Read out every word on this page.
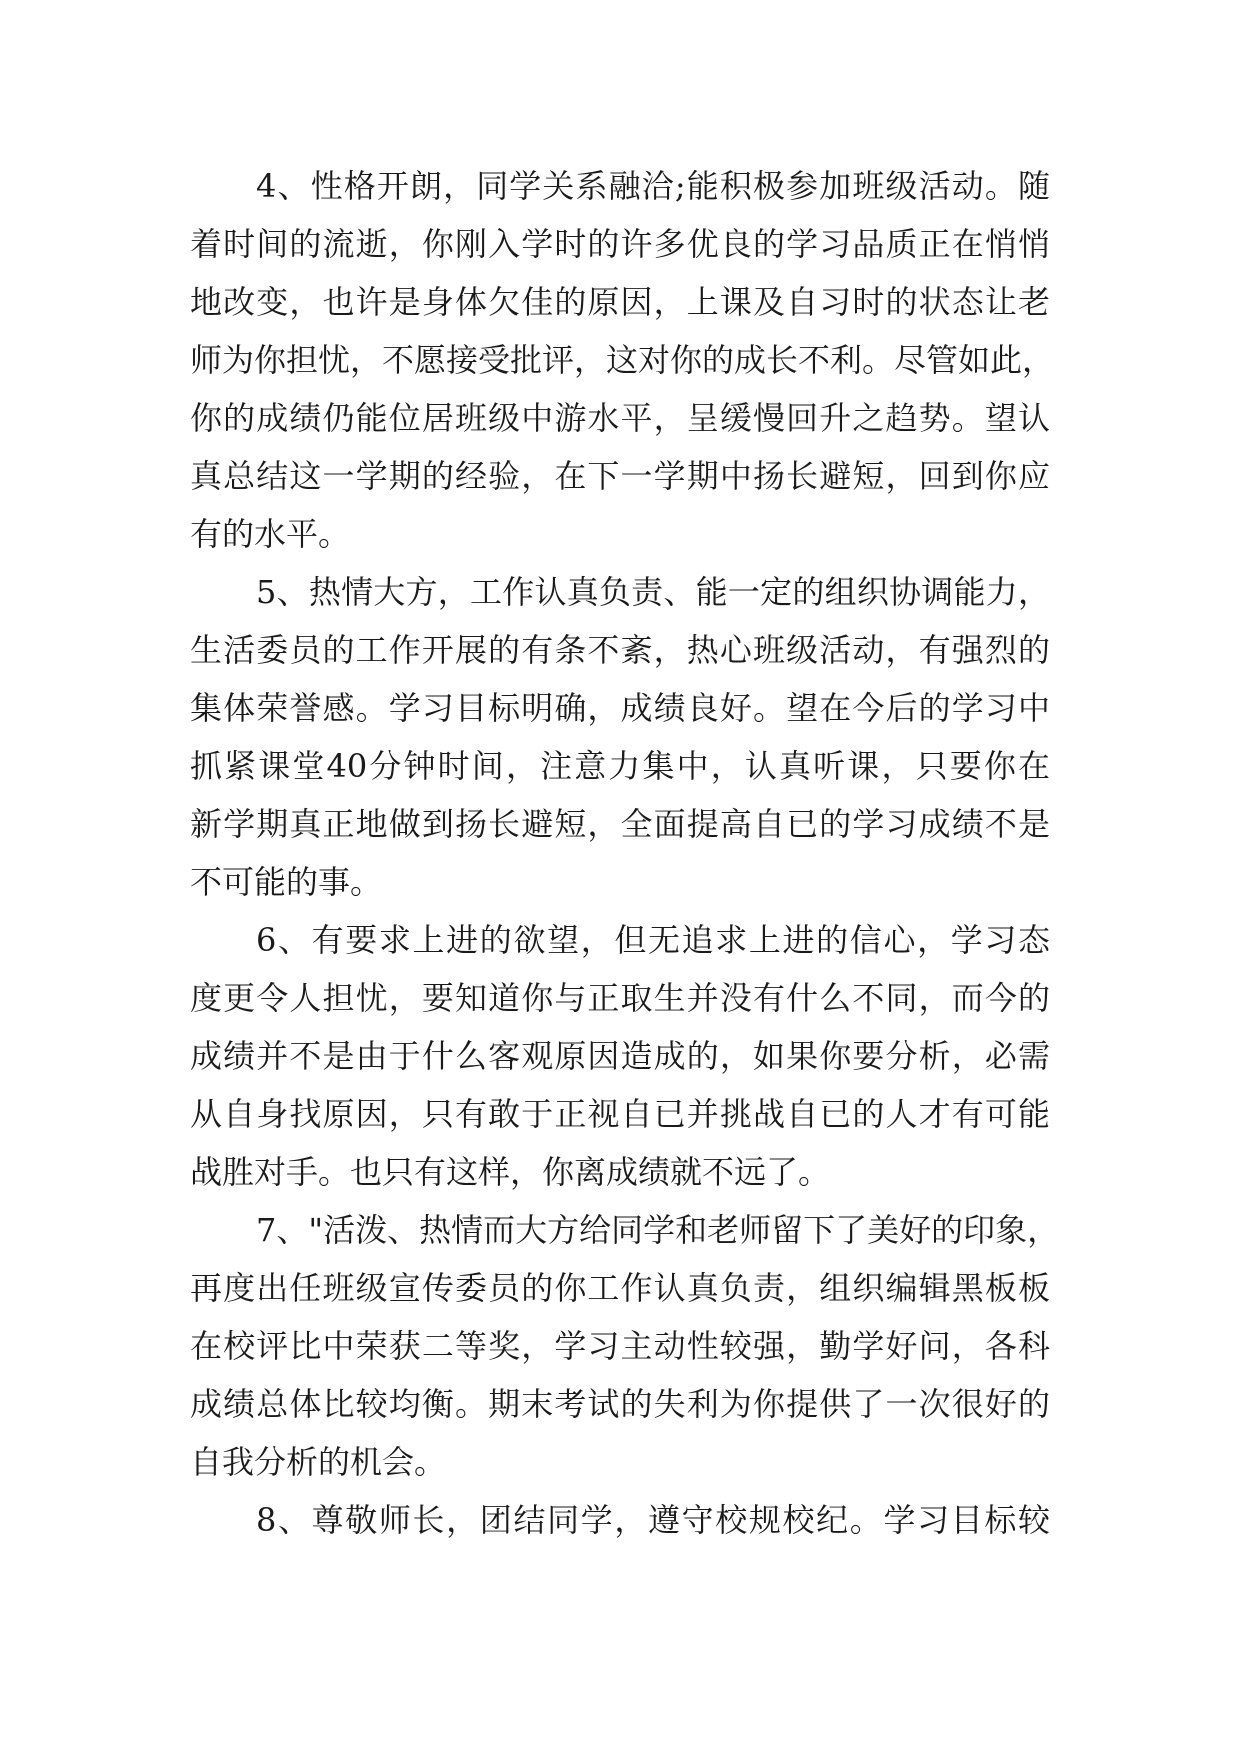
4、性格开朗，同学关系融洽;能积极参加班级活动。随
着时间的流逝，你刚入学时的许多优良的学习品质正在悄悄
地改变，也许是身体欠佳的原因，上课及自习时的状态让老
师为你担忧，不愿接受批评，这对你的成长不利。尽管如此，
你的成绩仍能位居班级中游水平，呈缓慢回升之趋势。望认
真总结这一学期的经验，在下一学期中扬长避短，回到你应
有的水平。
5、热情大方，工作认真负责、能一定的组织协调能力，
生活委员的工作开展的有条不紊，热心班级活动，有强烈的
集体荣誉感。学习目标明确，成绩良好。望在今后的学习中
抓紧课堂40分钟时间，注意力集中，认真听课，只要你在
新学期真正地做到扬长避短，全面提高自已的学习成绩不是
不可能的事。
6、有要求上进的欲望，但无追求上进的信心，学习态
度更令人担忧，要知道你与正取生并没有什么不同，而今的
成绩并不是由于什么客观原因造成的，如果你要分析，必需
从自身找原因，只有敢于正视自已并挑战自已的人才有可能
战胜对手。也只有这样，你离成绩就不远了。
7、"活泼、热情而大方给同学和老师留下了美好的印象，
再度出任班级宣传委员的你工作认真负责，组织编辑黑板板
在校评比中荣获二等奖，学习主动性较强，勤学好问，各科
成绩总体比较均衡。期末考试的失利为你提供了一次很好的
自我分析的机会。
8、尊敬师长，团结同学，遵守校规校纪。学习目标较
